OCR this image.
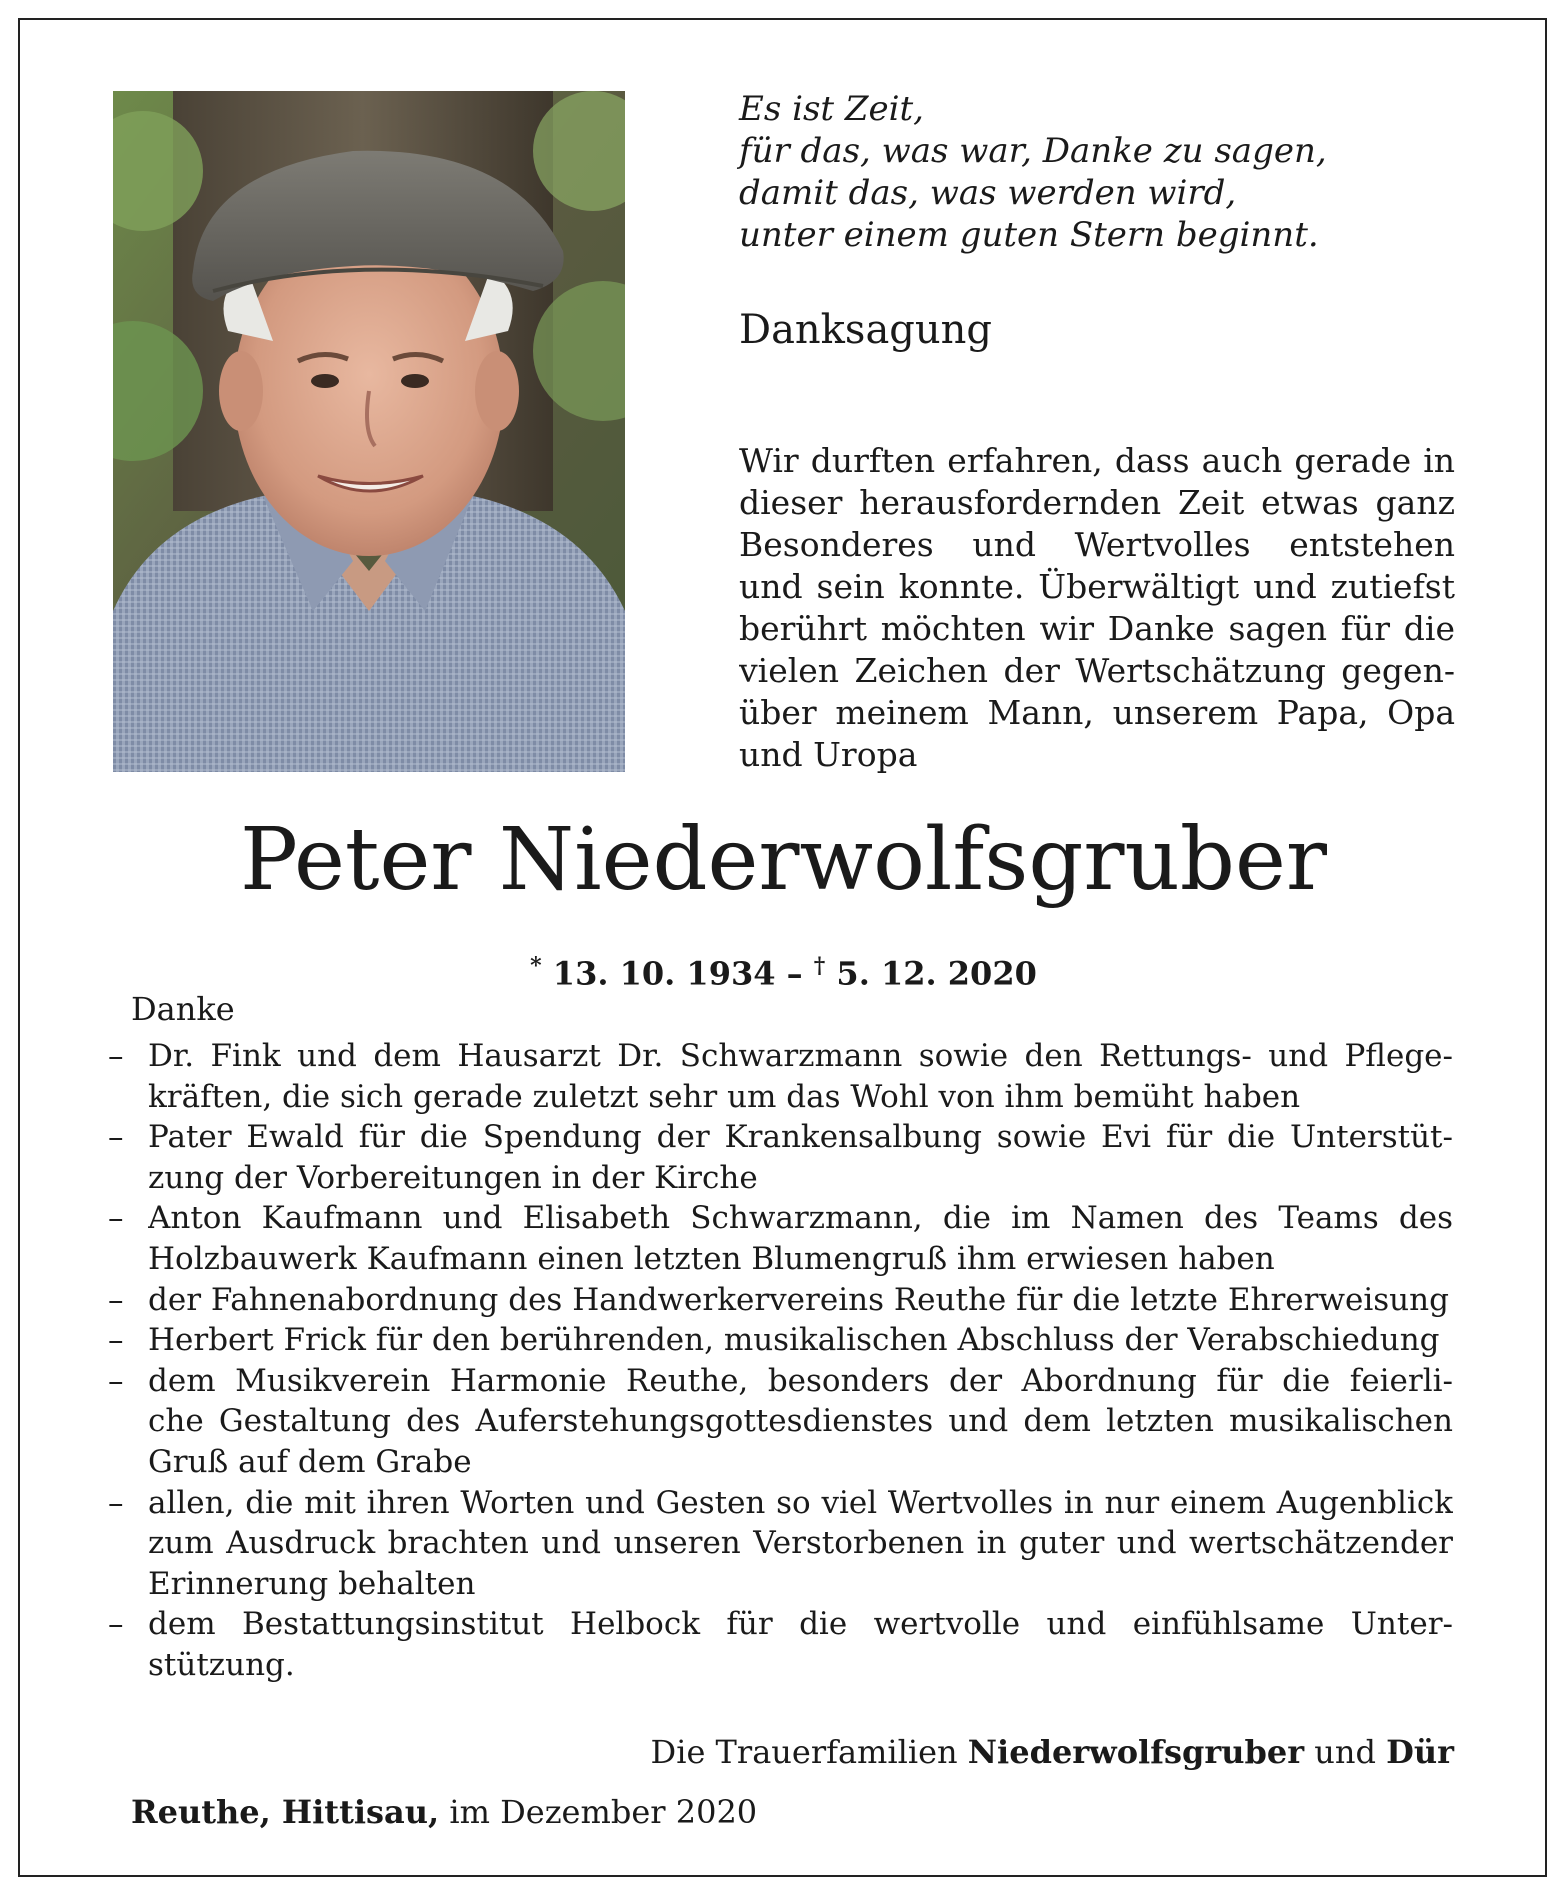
Es ist Zeit,
für das, was war, Danke zu sagen,
damit das, was werden wird,
unter einem guten Stern beginnt.
Danksagung
Wir durften erfahren, dass auch gerade in
dieser herausfordernden Zeit etwas ganz
Besonderes und Wertvolles entstehen
und sein konnte. Überwältigt und zutiefst
berührt möchten wir Danke sagen für die
vielen Zeichen der Wertschätzung gegen-
über meinem Mann, unserem Papa, Opa
und Uropa
Peter Niederwolfsgruber
* 13. 10. 1934 – † 5. 12. 2020
Danke
– Dr. Fink und dem Hausarzt Dr. Schwarzmann sowie den Rettungs- und Pflege-
kräften, die sich gerade zuletzt sehr um das Wohl von ihm bemüht haben
– Pater Ewald für die Spendung der Krankensalbung sowie Evi für die Unterstüt-
zung der Vorbereitungen in der Kirche
– Anton Kaufmann und Elisabeth Schwarzmann, die im Namen des Teams des
Holzbauwerk Kaufmann einen letzten Blumengruß ihm erwiesen haben
– der Fahnenabordnung des Handwerkervereins Reuthe für die letzte Ehrerweisung
– Herbert Frick für den berührenden, musikalischen Abschluss der Verabschiedung
– dem Musikverein Harmonie Reuthe, besonders der Abordnung für die feierli-
che Gestaltung des Auferstehungsgottesdienstes und dem letzten musikalischen
Gruß auf dem Grabe
– allen, die mit ihren Worten und Gesten so viel Wertvolles in nur einem Augenblick
zum Ausdruck brachten und unseren Verstorbenen in guter und wertschätzender
Erinnerung behalten
– dem Bestattungsinstitut Helbock für die wertvolle und einfühlsame Unter-
stützung.
Die Trauerfamilien Niederwolfsgruber und Dür
Reuthe, Hittisau, im Dezember 2020
